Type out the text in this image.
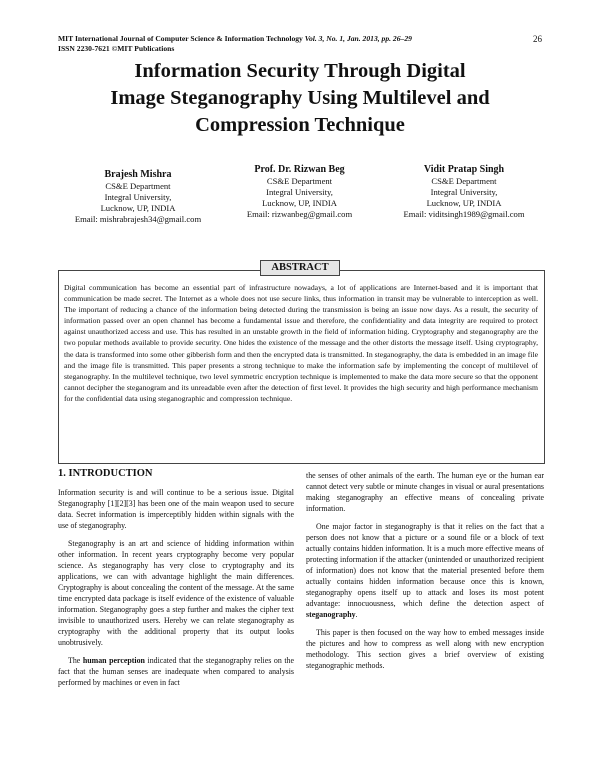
MIT International Journal of Computer Science & Information Technology Vol. 3, No. 1, Jan. 2013, pp. 26–29
ISSN 2230-7621 ©MIT Publications
26
Information Security Through Digital
Image Steganography Using Multilevel and
Compression Technique
Brajesh Mishra
CS&E Department
Integral University,
Lucknow, UP, INDIA
Email: mishrabrajesh34@gmail.com
Prof. Dr. Rizwan Beg
CS&E Department
Integral University,
Lucknow, UP, INDIA
Email: rizwanbeg@gmail.com
Vidit Pratap Singh
CS&E Department
Integral University,
Lucknow, UP, INDIA
Email: viditsingh1989@gmail.com
ABSTRACT
Digital communication has become an essential part of infrastructure nowadays, a lot of applications are Internet-based and it is important that communication be made secret. The Internet as a whole does not use secure links, thus information in transit may be vulnerable to interception as well. The important of reducing a chance of the information being detected during the transmission is being an issue now days. As a result, the security of information passed over an open channel has become a fundamental issue and therefore, the confidentiality and data integrity are required to protect against unauthorized access and use. This has resulted in an unstable growth in the field of information hiding. Cryptography and steganography are the two popular methods available to provide security. One hides the existence of the message and the other distorts the message itself. Using cryptography, the data is transformed into some other gibberish form and then the encrypted data is transmitted. In steganography, the data is embedded in an image file and the image file is transmitted. This paper presents a strong technique to make the information safe by implementing the concept of multilevel of steganography. In the multilevel technique, two level symmetric encryption technique is implemented to make the data more secure so that the opponent cannot decipher the steganogram and its unreadable even after the detection of first level. It provides the high security and high performance mechanism for the confidential data using steganographic and compression technique.
1. INTRODUCTION

Information security is and will continue to be a serious issue. Digital Steganography [1][2][3] has been one of the main weapon used to secure data. Secret information is imperceptibly hidden within signals with the use of steganography.

Steganography is an art and science of hidding information within other information. In recent years cryptography become very popular science. As steganography has very close to cryptography and its applications, we can with advantage highlight the main differences. Cryptography is about concealing the content of the message. At the same time encrypted data package is itself evidence of the existence of valuable information. Steganography goes a step further and makes the cipher text invisible to unauthorized users. Hereby we can relate steganography as cryptography with the additional property that its output looks unobtrusively.

The human perception indicated that the steganography relies on the fact that the human senses are inadequate when compared to analysis performed by machines or even in fact

the senses of other animals of the earth. The human eye or the human ear cannot detect very subtle or minute changes in visual or aural presentations making steganography an effective means of concealing private information.

One major factor in steganography is that it relies on the fact that a person does not know that a picture or a sound file or a block of text actually contains hidden information. It is a much more effective means of protecting information if the attacker (unintended or unauthorized recipient of information) does not know that the material presented before them actually contains hidden information because once this is known, steganography opens itself up to attack and loses its most potent advantage: innocuousness, which define the detection aspect of steganography.

This paper is then focused on the way how to embed messages inside the pictures and how to compress as well along with new encryption methodology. This section gives a brief overview of existing steganographic methods.
